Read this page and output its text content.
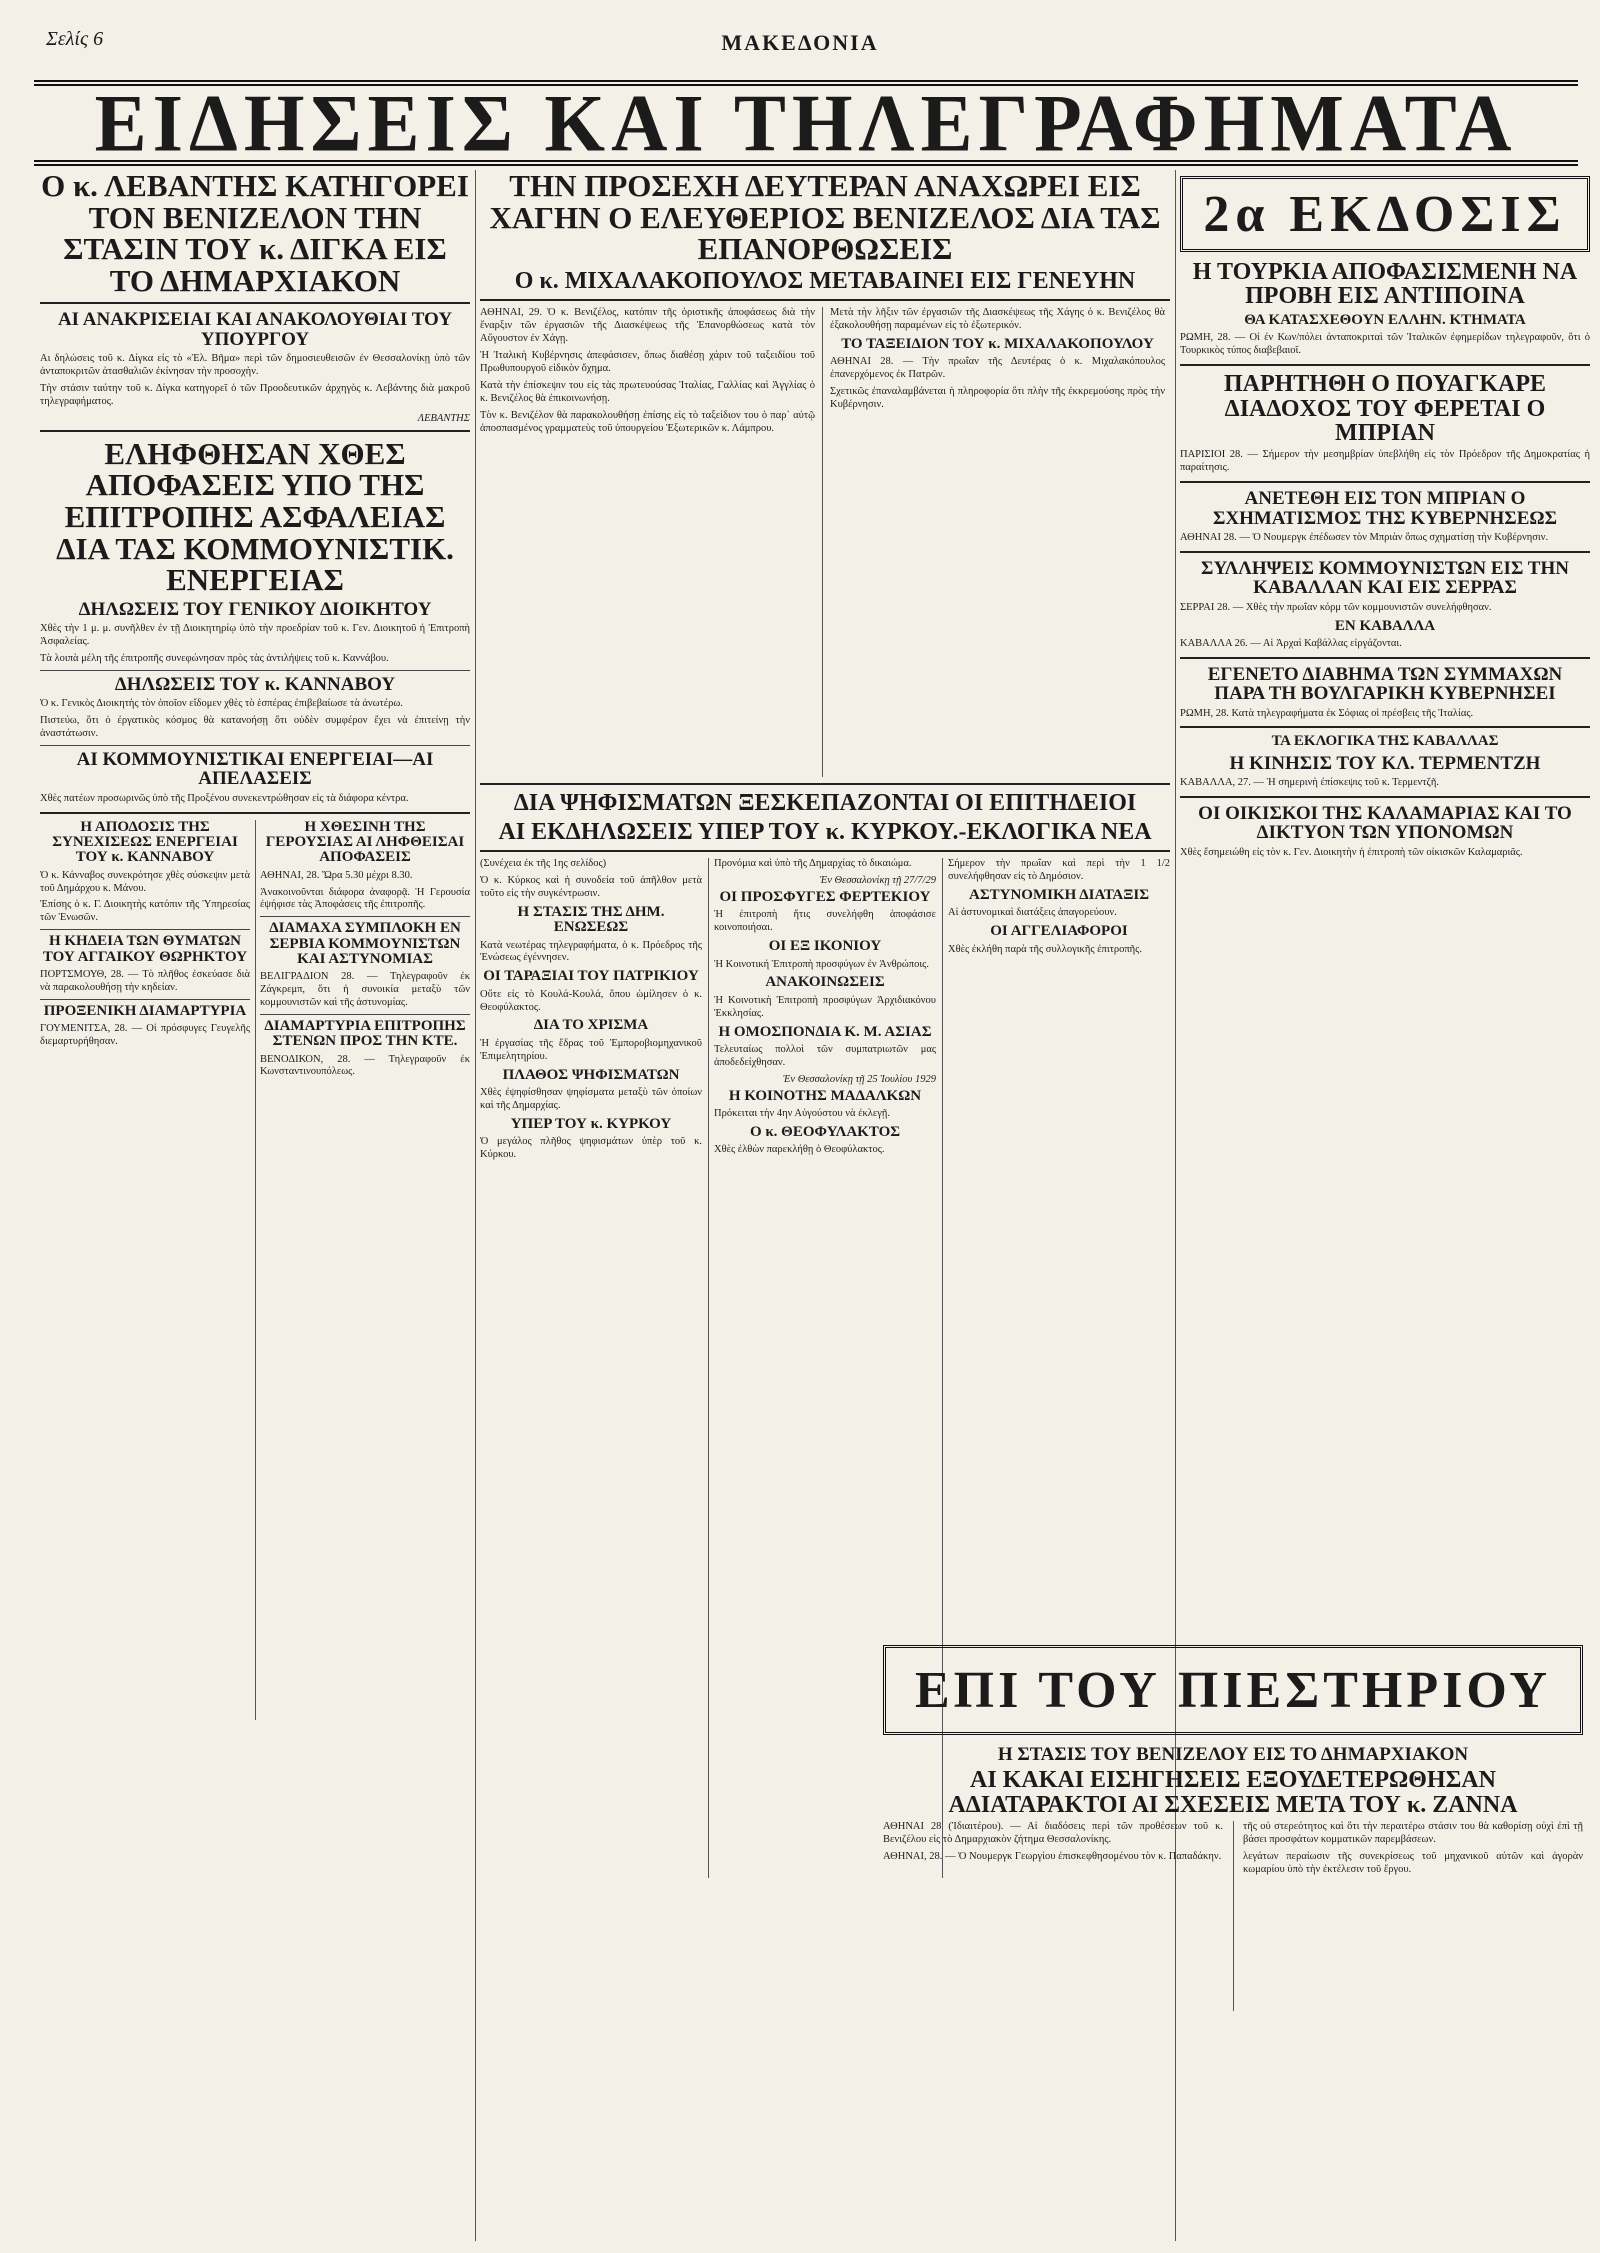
Σελίς 6	ΜΑΚΕΔΟΝΙΑ
ΕΙΔΗΣΕΙΣ ΚΑΙ ΤΗΛΕΓΡΑΦΗΜΑΤΑ
Ο κ. ΛΕΒΑΝΤΗΣ ΚΑΤΗΓΟΡΕΙ ΤΟΝ ΒΕΝΙΖΕΛΟΝ ΤΗΝ ΣΤΑΣΙΝ ΤΟΥ κ. ΔΙΓΚΑ ΕΙΣ ΤΟ ΔΗΜΑΡΧΙΑΚΟΝ
ΑΙ ΑΝΑΚΡΙΣΕΙΑΙ ΚΑΙ ΑΝΑΚΟΛΟΥΘΙΑΙ ΤΟΥ ΥΠΟΥΡΓΟΥ

Αι δηλώσεις τοῦ κ. Δίγκα εἰς τὸ «Ἐλ. Βῆμα» περὶ τῶν δημοσιευθεισῶν ἐν Θεσσαλονίκῃ ὑπὸ τῶν ἀνταποκριτῶν ἀτασθαλιῶν ἐκίνησαν τὴν προσοχὴν.

Τὴν στάσιν ταύτην τοῦ κ. Δίγκα κατηγορεῖ ὁ τῶν Προοδευτικῶν ἀρχηγὸς κ. Λεβάντης διὰ μακροῦ τηλεγραφήματος.

ΛΕΒΑΝΤΗΣ

ΕΛΗΦΘΗΣΑΝ ΧΘΕΣ ΑΠΟΦΑΣΕΙΣ ΥΠΟ ΤΗΣ ΕΠΙΤΡΟΠΗΣ ΑΣΦΑΛΕΙΑΣ ΔΙΑ ΤΑΣ ΚΟΜΜΟΥΝΙΣΤΙΚ. ΕΝΕΡΓΕΙΑΣ
ΔΗΛΩΣΕΙΣ ΤΟΥ ΓΕΝΙΚΟΥ ΔΙΟΙΚΗΤΟΥ

Χθὲς τὴν 1 μ. μ. συνῆλθεν ἐν τῇ Διοικητηρίῳ ὑπὸ τὴν προεδρίαν τοῦ κ. Γεν. Διοικητοῦ ἡ Ἐπιτροπὴ Ἀσφαλείας.

Τὰ λοιπὰ μέλη τῆς ἐπιτροπῆς συνεφώνησαν πρὸς τὰς ἀντιλήψεις τοῦ κ. Καννάβου.

ΔΗΛΩΣΕΙΣ ΤΟΥ κ. ΚΑΝΝΑΒΟΥ

Ὁ κ. Γενικὸς Διοικητὴς τὸν ὁποῖον εἴδομεν χθὲς τὸ ἑσπέρας ἐπιβεβαίωσε τὰ ἀνωτέρω.

Πιστεύω, ὅτι ὁ ἐργατικὸς κόσμος θὰ κατανοήσῃ ὅτι οὐδὲν συμφέρον ἔχει νὰ ἐπιτείνῃ τὴν ἀναστάτωσιν.

ΑΙ ΚΟΜΜΟΥΝΙΣΤΙΚΑΙ ΕΝΕΡΓΕΙΑΙ—ΑΙ ΑΠΕΛΑΣΕΙΣ

Χθὲς πατέων προσωρινῶς ὑπὸ τῆς Προξένου συνεκεντρώθησαν εἰς τὰ διάφορα κέντρα.

Η ΑΠΟΔΟΣΙΣ ΤΗΣ ΣΥΝΕΧΙΣΕΩΣ ΕΝΕΡΓΕΙΑΙ ΤΟΥ κ. ΚΑΝΝΑΒΟΥ

Ὁ κ. Κάνναβος συνεκρότησε χθὲς σύσκεψιν μετὰ τοῦ Δημάρχου κ. Μάνου.

Ἐπίσης ὁ κ. Γ. Διοικητὴς κατόπιν τῆς Ὑπηρεσίας τῶν Ἐνωσῶν.

Η ΚΗΔΕΙΑ ΤΩΝ ΘΥΜΑΤΩΝ ΤΟΥ ΑΓΓΑΙΚΟΥ ΘΩΡΗΚΤΟΥ

ΠΟΡΤΣΜΟΥΘ, 28. — Τὸ πλῆθος ἐσκεύασε διὰ νὰ παρακολουθήσῃ τὴν κηδείαν.

ΠΡΟΞΕΝΙΚΗ ΔΙΑΜΑΡΤΥΡΙΑ

ΓΟΥΜΕΝΙΤΣΑ, 28. — Οἱ πρόσφυγες Γευγελῆς διεμαρτυρήθησαν.

Η ΧΘΕΣΙΝΗ ΤΗΣ ΓΕΡΟΥΣΙΑΣ ΑΙ ΛΗΦΘΕΙΣΑΙ ΑΠΟΦΑΣΕΙΣ

ΑΘΗΝΑΙ, 28. Ὥρα 5.30 μέχρι 8.30.

Ἀνακοινοῦνται διάφορα ἀναφορᾷ. Ἡ Γερουσία ἐψήφισε τὰς Ἀποφάσεις τῆς ἐπιτροπῆς.

ΔΙΑΜΑΧΑ ΣΥΜΠΛΟΚΗ ΕΝ ΣΕΡΒΙΑ ΚΟΜΜΟΥΝΙΣΤΩΝ ΚΑΙ ΑΣΤΥΝΟΜΙΑΣ

ΒΕΛΙΓΡΑΔΙΟΝ 28. — Τηλεγραφοῦν ἐκ Ζάγκρεμπ, ὅτι ἡ συνοικία μεταξὺ τῶν κομμουνιστῶν καὶ τῆς ἀστυνομίας.

ΔΙΑΜΑΡΤΥΡΙΑ ΕΠΙΤΡΟΠΗΣ ΣΤΕΝΩΝ ΠΡΟΣ ΤΗΝ ΚΤΕ.

ΒΕΝΟΔΙΚΟΝ, 28. — Τηλεγραφοῦν ἐκ Κωνσταντινουπόλεως.

ΤΗΝ ΠΡΟΣΕΧΗ ΔΕΥΤΕΡΑΝ ΑΝΑΧΩΡΕΙ ΕΙΣ ΧΑΓΗΝ Ο ΕΛΕΥΘΕΡΙΟΣ ΒΕΝΙΖΕΛΟΣ ΔΙΑ ΤΑΣ ΕΠΑΝΟΡΘΩΣΕΙΣ
Ο κ. ΜΙΧΑΛΑΚΟΠΟΥΛΟΣ ΜΕΤΑΒΑΙΝΕΙ ΕΙΣ ΓΕΝΕΥΗΝ

ΑΘΗΝΑΙ, 29. Ὁ κ. Βενιζέλος, κατόπιν τῆς ὁριστικῆς ἀποφάσεως διὰ τὴν ἔναρξιν τῶν ἐργασιῶν τῆς Διασκέψεως τῆς Ἐπανορθώσεως κατὰ τὸν Αὔγουστον ἐν Χάγῃ.

Ἡ Ἰταλικὴ Κυβέρνησις ἀπεφάσισεν, ὅπως διαθέσῃ χάριν τοῦ ταξειδίου τοῦ Πρωθυπουργοῦ εἰδικὸν ὄχημα.

Κατὰ τὴν ἐπίσκεψιν του εἰς τὰς πρωτευούσας Ἰταλίας, Γαλλίας καὶ Ἀγγλίας ὁ κ. Βενιζέλος θὰ ἐπικοινωνήσῃ.

Τὸν κ. Βενιζέλον θὰ παρακολουθήσῃ ἐπίσης εἰς τὸ ταξείδιον του ὁ παρ᾿ αὐτῷ ἀποσπασμένος γραμματεὺς τοῦ ὑπουργείου Ἐξωτερικῶν κ. Λάμπρου.

Μετὰ τὴν λῆξιν τῶν ἐργασιῶν τῆς Διασκέψεως τῆς Χάγης ὁ κ. Βενιζέλος θὰ ἐξακολουθήσῃ παραμένων εἰς τὸ ἐξωτερικόν.

ΤΟ ΤΑΞΕΙΔΙΟΝ ΤΟΥ κ. ΜΙΧΑΛΑΚΟΠΟΥΛΟΥ

ΑΘΗΝΑΙ 28. — Τὴν πρωΐαν τῆς Δευτέρας ὁ κ. Μιχαλακόπουλος ἐπανερχόμενος ἐκ Πατρῶν.

Σχετικῶς ἐπαναλαμβάνεται ἡ πληροφορία ὅτι πλὴν τῆς ἐκκρεμούσης πρὸς τὴν Κυβέρνησιν.

ΔΙΑ ΨΗΦΙΣΜΑΤΩΝ ΞΕΣΚΕΠΑΖΟΝΤΑΙ ΟΙ ΕΠΙΤΗΔΕΙΟΙ
ΑΙ ΕΚΔΗΛΩΣΕΙΣ ΥΠΕΡ ΤΟΥ κ. ΚΥΡΚΟΥ.-ΕΚΛΟΓΙΚΑ ΝΕΑ

(Συνέχεια ἐκ τῆς 1ης σελίδος)

Ὁ κ. Κύρκος καὶ ἡ συνοδεία τοῦ ἀπῆλθον μετὰ τοῦτο εἰς τὴν συγκέντρωσιν.

Η ΣΤΑΣΙΣ ΤΗΣ ΔΗΜ. ΕΝΩΣΕΩΣ

Κατὰ νεωτέρας τηλεγραφήματα, ὁ κ. Πρόεδρος τῆς Ἐνώσεως ἐγέννησεν.

ΟΙ ΤΑΡΑΞΙΑΙ ΤΟΥ ΠΑΤΡΙΚΙΟΥ

Οὔτε εἰς τὸ Κουλά-Κουλά, ὅπου ὡμίλησεν ὁ κ. Θεοφύλακτος.

ΔΙΑ ΤΟ ΧΡΙΣΜΑ

Ἡ ἐργασίας τῆς ἔδρας τοῦ Ἐμποροβιομηχανικοῦ Ἐπιμελητηρίου.

ΠΛΑΘΟΣ ΨΗΦΙΣΜΑΤΩΝ

Χθὲς ἐψηφίσθησαν ψηφίσματα μεταξὺ τῶν ὁποίων καὶ τῆς Δημαρχίας.

ΥΠΕΡ ΤΟΥ κ. ΚΥΡΚΟΥ

Ὁ μεγάλος πλῆθος ψηφισμάτων ὑπὲρ τοῦ κ. Κύρκου.

Προνόμια καὶ ὑπὸ τῆς Δημαρχίας τὸ δικαιώμα.

Ἐν Θεσσαλονίκῃ τῇ 27/7/29

ΟΙ ΠΡΟΣΦΥΓΕΣ ΦΕΡΤΕΚΙΟΥ

Ἡ ἐπιτροπὴ ἥτις συνελήφθη ἀποφάσισε κοινοποιήσαι.

ΟΙ ΕΞ ΙΚΟΝΙΟΥ

Ἡ Κοινοτική Ἐπιτροπὴ προσφύγων ἐν Ἀνθρώποις.

ΑΝΑΚΟΙΝΩΣΕΙΣ

Ἡ Κοινοτικὴ Ἐπιτροπὴ προσφύγων Ἀρχιδιακόνου Ἐκκλησίας.

Η ΟΜΟΣΠΟΝΔΙΑ Κ. Μ. ΑΣΙΑΣ

Τελευταίως πολλοὶ τῶν συμπατριωτῶν μας ἀποδεδείχθησαν.

Ἐν Θεσσαλονίκῃ τῇ 25 Ἰουλίου 1929

Η ΚΟΙΝΟΤΗΣ ΜΑΔΑΛΚΩΝ

Πρόκειται τὴν 4ην Αὐγούστου νὰ ἐκλεγῇ.

Ο κ. ΘΕΟΦΥΛΑΚΤΟΣ

Χθὲς ἐλθὼν παρεκλήθῃ ὁ Θεοφύλακτος.

Σήμερον τὴν πρωΐαν καὶ περὶ τὴν 1 1/2 συνελήφθησαν εἰς τὸ Δημόσιον.

ΑΣΤΥΝΟΜΙΚΗ ΔΙΑΤΑΞΙΣ

Αἱ ἀστυνομικαὶ διατάξεις ἀπαγορεύουν.

ΟΙ ΑΓΓΕΛΙΑΦΟΡΟΙ

Χθὲς ἐκλήθη παρὰ τῆς συλλογικῆς ἐπιτροπῆς.

2α ΕΚΔΟΣΙΣ
Η ΤΟΥΡΚΙΑ ΑΠΟΦΑΣΙΣΜΕΝΗ ΝΑ ΠΡΟΒΗ ΕΙΣ ΑΝΤΙΠΟΙΝΑ
ΘΑ ΚΑΤΑΣΧΕΘΟΥΝ ΕΛΛΗΝ. ΚΤΗΜΑΤΑ

ΡΩΜΗ, 28. — Οἱ ἐν Κων/πόλει ἀνταποκριταὶ τῶν Ἰταλικῶν ἐφημερίδων τηλεγραφοῦν, ὅτι ὁ Τουρκικὸς τύπος διαβεβαιοῖ.

ΠΑΡΗΤΗΘΗ Ο ΠΟΥΑΓΚΑΡΕ ΔΙΑΔΟΧΟΣ ΤΟΥ ΦΕΡΕΤΑΙ Ο ΜΠΡΙΑΝ

ΠΑΡΙΣΙΟΙ 28. — Σήμερον τὴν μεσημβρίαν ὑπεβλήθη εἰς τὸν Πρόεδρον τῆς Δημοκρατίας ἡ παραίτησις.

ΑΝΕΤΕΘΗ ΕΙΣ ΤΟΝ ΜΠΡΙΑΝ Ο ΣΧΗΜΑΤΙΣΜΟΣ ΤΗΣ ΚΥΒΕΡΝΗΣΕΩΣ

ΑΘΗΝΑΙ 28. — Ὁ Νουμεργκ ἐπέδωσεν τὸν Μπριὰν ὅπως σχηματίσῃ τὴν Κυβέρνησιν.

ΣΥΛΛΗΨΕΙΣ ΚΟΜΜΟΥΝΙΣΤΩΝ ΕΙΣ ΤΗΝ ΚΑΒΑΛΛΑΝ ΚΑΙ ΕΙΣ ΣΕΡΡΑΣ

ΣΕΡΡΑΙ 28. — Χθὲς τὴν πρωΐαν κόρμ τῶν κομμουνιστῶν συνελήφθησαν.

ΕΝ ΚΑΒΑΛΛΑ

ΚΑΒΑΛΛΑ 26. — Αἱ Ἀρχαὶ Καβάλλας εἰργάζονται.

ΕΓΕΝΕΤΟ ΔΙΑΒΗΜΑ ΤΩΝ ΣΥΜΜΑΧΩΝ ΠΑΡΑ ΤΗ ΒΟΥΛΓΑΡΙΚΗ ΚΥΒΕΡΝΗΣΕΙ

ΡΩΜΗ, 28. Κατὰ τηλεγραφήματα ἐκ Σόφιας οἱ πρέσβεις τῆς Ἰταλίας.

ΤΑ ΕΚΛΟΓΙΚΑ ΤΗΣ ΚΑΒΑΛΛΑΣ
Η ΚΙΝΗΣΙΣ ΤΟΥ ΚΛ. ΤΕΡΜΕΝΤΖΗ

ΚΑΒΑΛΛΑ, 27. — Ἡ σημερινὴ ἐπίσκεψις τοῦ κ. Τερμεντζῆ.

ΟΙ ΟΙΚΙΣΚΟΙ ΤΗΣ ΚΑΛΑΜΑΡΙΑΣ ΚΑΙ ΤΟ ΔΙΚΤΥΟΝ ΤΩΝ ΥΠΟΝΟΜΩΝ

Χθὲς ἔσημειώθη εἰς τὸν κ. Γεν. Διοικητὴν ἡ ἐπιτροπὴ τῶν οἰκισκῶν Καλαμαριᾶς.

ΕΠΙ ΤΟΥ ΠΙΕΣΤΗΡΙΟΥ
Η ΣΤΑΣΙΣ ΤΟΥ ΒΕΝΙΖΕΛΟΥ ΕΙΣ ΤΟ ΔΗΜΑΡΧΙΑΚΟΝ
ΑΙ ΚΑΚΑΙ ΕΙΣΗΓΗΣΕΙΣ ΕΞΟΥΔΕΤΕΡΩΘΗΣΑΝ ΑΔΙΑΤΑΡΑΚΤΟΙ ΑΙ ΣΧΕΣΕΙΣ ΜΕΤΑ ΤΟΥ κ. ΖΑΝΝΑ

ΑΘΗΝΑΙ 28 (Ἰδιαιτέρου). — Αἱ διαδόσεις περὶ τῶν προθέσεων τοῦ κ. Βενιζέλου εἰς τὸ Δημαρχιακὸν ζήτημα Θεσσαλονίκης.

ΑΘΗΝΑΙ, 28. — Ὁ Νουμεργκ Γεωργίου ἐπισκεφθησομένου τὸν κ. Παπαδάκην.

τῆς οὐ στερεότητος καὶ ὅτι τὴν περαιτέρω στάσιν του θὰ καθορίσῃ οὐχὶ ἐπὶ τῇ βάσει προσφάτων κομματικῶν παρεμβάσεων.

λεγάτων περαίωσιν τῆς συνεκρίσεως τοῦ μηχανικοῦ αὐτῶν καὶ ἀγορὰν κωμαρίου ὑπὸ τὴν ἐκτέλεσιν τοῦ ἔργου.
